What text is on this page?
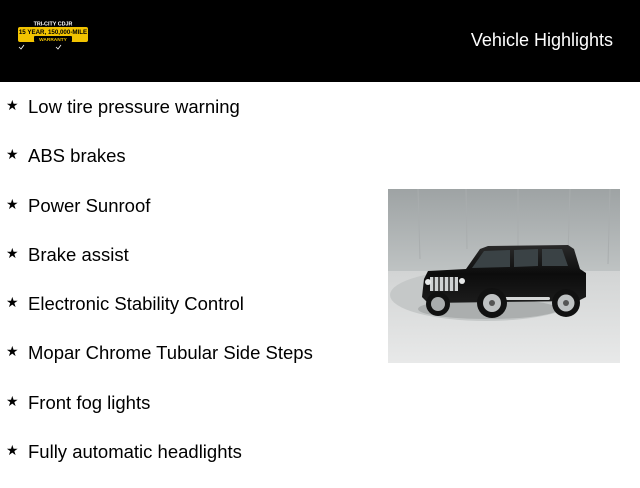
TRI-CITY CDJR
15 YEAR, 150,000-MILE
WARRANTY	Vehicle Highlights
★ Low tire pressure warning
★ ABS brakes
★ Power Sunroof
★ Brake assist
★ Electronic Stability Control
★ Mopar Chrome Tubular Side Steps
★ Front fog lights
★ Fully automatic headlights
